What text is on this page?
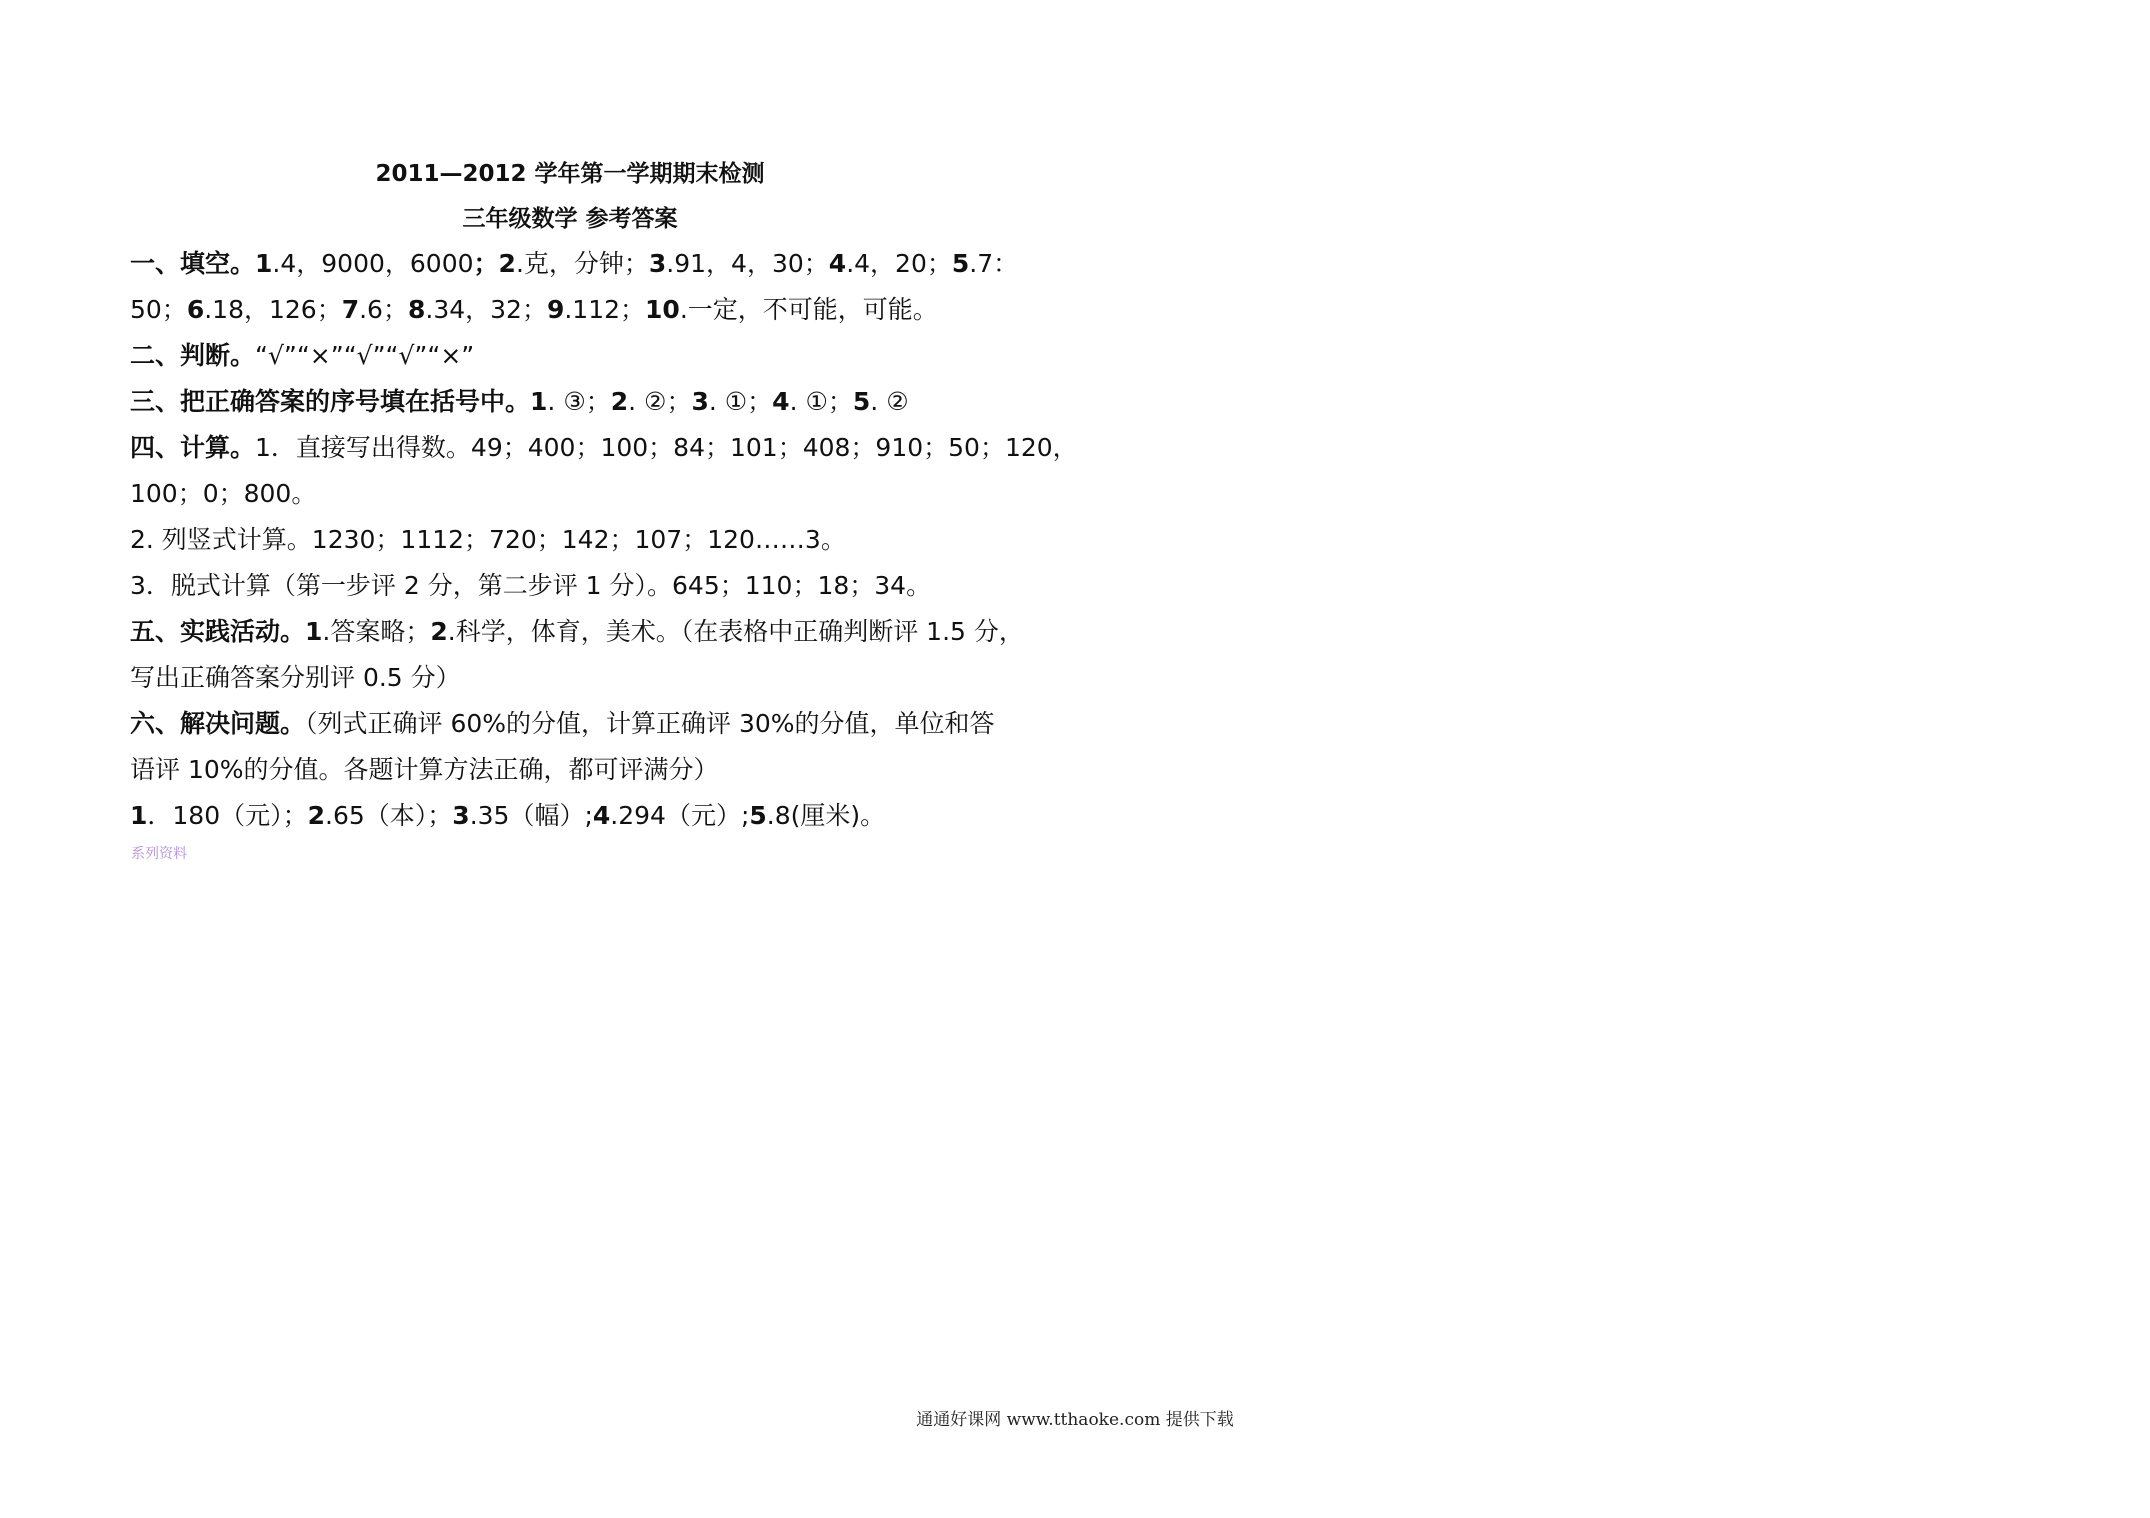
2011—2012 学年第一学期期末检测
三年级数学 参考答案
一、填空。1.4，9000，6000；2.克，分钟；3.91，4，30；4.4，20；5.7：
50；6.18，126；7.6；8.34，32；9.112；10.一定，不可能，可能。
二、判断。“√”“×”“√”“√”“×”
三、把正确答案的序号填在括号中。1. ③；2. ②；3. ①；4. ①；5. ②
四、计算。1．直接写出得数。49；400；100；84；101；408；910；50；120，
100；0；800。
2. 列竖式计算。1230；1112；720；142；107；120……3。
3．脱式计算（第一步评 2 分，第二步评 1 分）。645；110；18；34。
五、实践活动。1.答案略；2.科学，体育，美术。（在表格中正确判断评 1.5 分，
写出正确答案分别评 0.5 分）
六、解决问题。（列式正确评 60%的分值，计算正确评 30%的分值，单位和答
语评 10%的分值。各题计算方法正确，都可评满分）
1．180（元）；2.65（本）；3.35（幅）;4.294（元）;5.8(厘米)。
系列资料
通通好课网 www.tthaoke.com 提供下载
